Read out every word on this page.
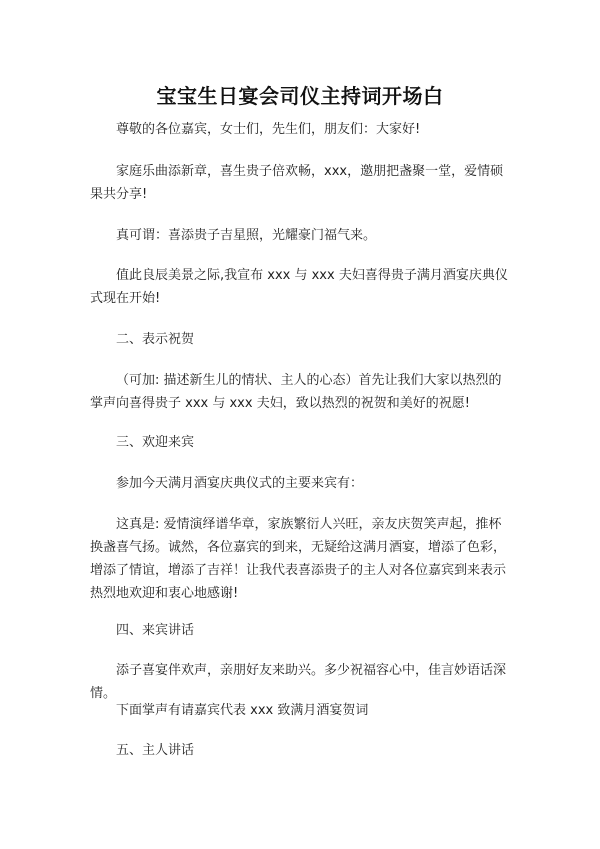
宝宝生日宴会司仪主持词开场白
尊敬的各位嘉宾，女士们，先生们，朋友们：大家好!
家庭乐曲添新章，喜生贵子倍欢畅，xxx，邀朋把盏聚一堂，爱情硕果共分享!
真可谓：喜添贵子吉星照，光耀豪门福气来。
值此良辰美景之际,我宣布 xxx 与 xxx 夫妇喜得贵子满月酒宴庆典仪式现在开始!
二、表示祝贺
（可加: 描述新生儿的情状、主人的心态）首先让我们大家以热烈的掌声向喜得贵子 xxx 与 xxx 夫妇，致以热烈的祝贺和美好的祝愿!
三、欢迎来宾
参加今天满月酒宴庆典仪式的主要来宾有：
这真是: 爱情演绎谱华章，家族繁衍人兴旺，亲友庆贺笑声起，推杯换盏喜气扬。诚然，各位嘉宾的到来，无疑给这满月酒宴，增添了色彩，增添了情谊，增添了吉祥！让我代表喜添贵子的主人对各位嘉宾到来表示热烈地欢迎和衷心地感谢!
四、来宾讲话
添子喜宴伴欢声，亲朋好友来助兴。多少祝福容心中，佳言妙语话深情。
下面掌声有请嘉宾代表 xxx 致满月酒宴贺词
五、主人讲话
